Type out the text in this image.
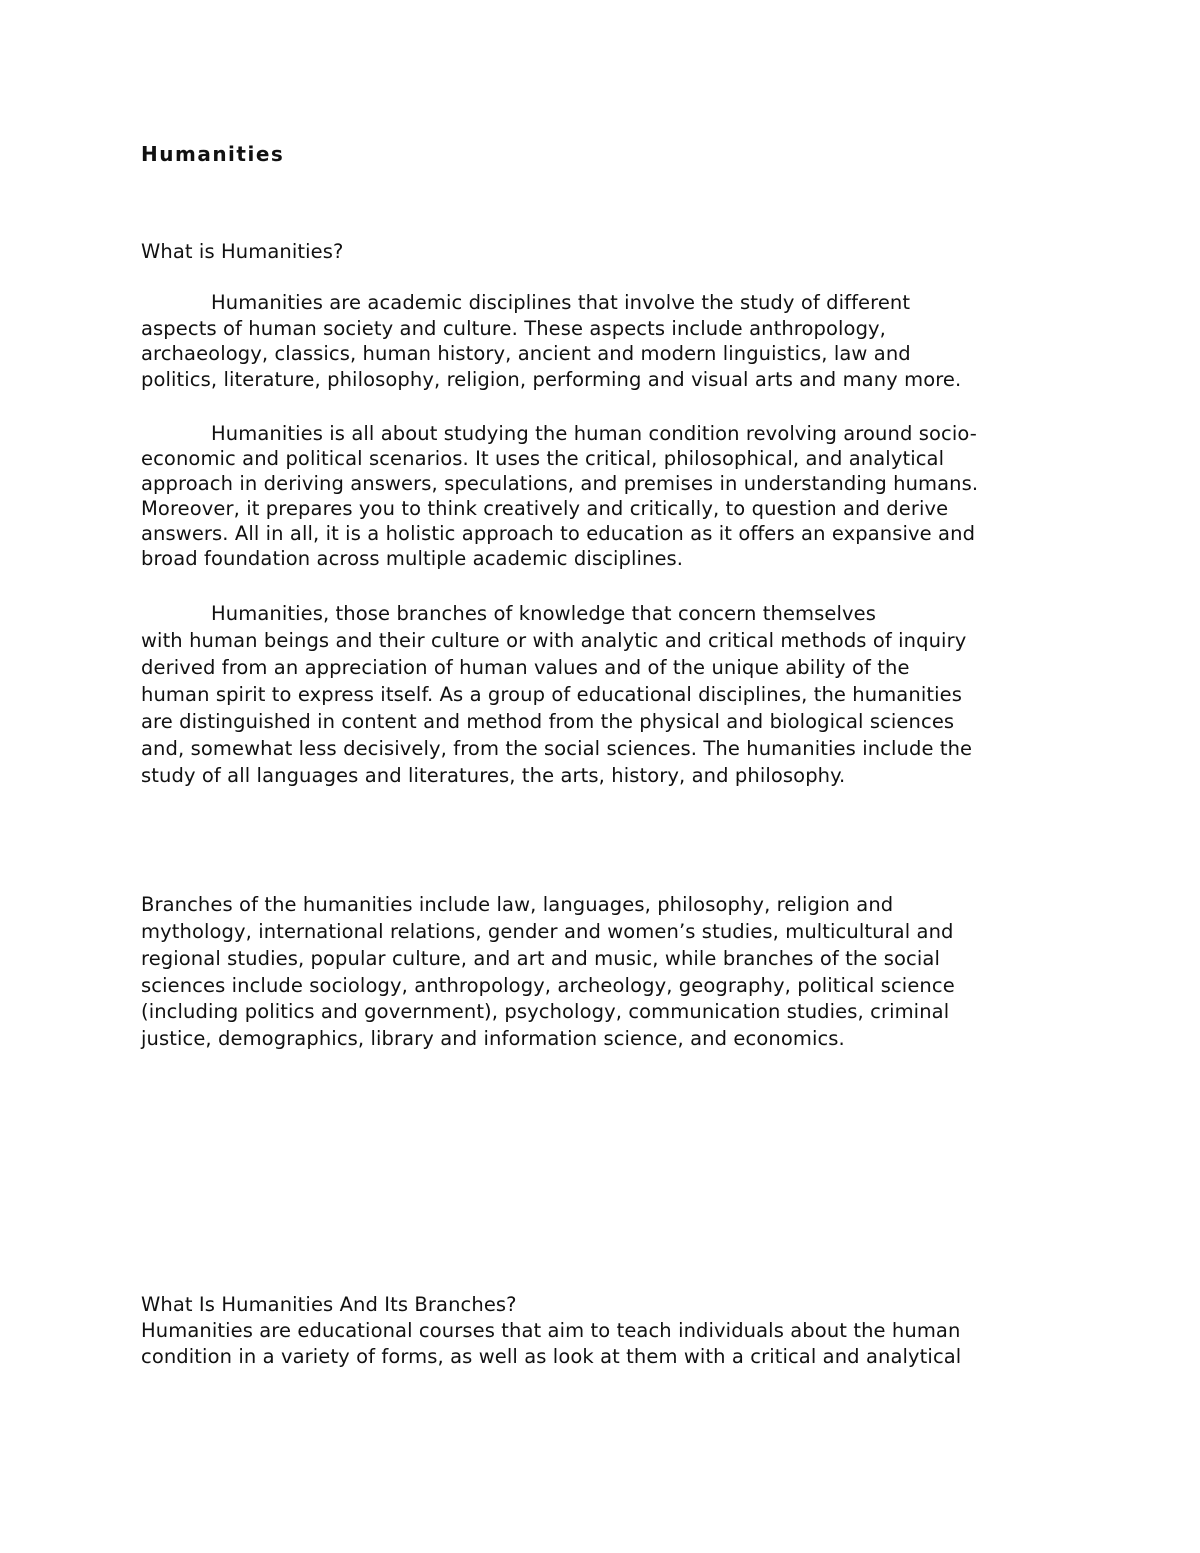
Humanities
What is Humanities?
Humanities are academic disciplines that involve the study of different
aspects of human society and culture. These aspects include anthropology,
archaeology, classics, human history, ancient and modern linguistics, law and
politics, literature, philosophy, religion, performing and visual arts and many more.
Humanities is all about studying the human condition revolving around socio-
economic and political scenarios. It uses the critical, philosophical, and analytical
approach in deriving answers, speculations, and premises in understanding humans.
Moreover, it prepares you to think creatively and critically, to question and derive
answers. All in all, it is a holistic approach to education as it offers an expansive and
broad foundation across multiple academic disciplines.
Humanities, those branches of knowledge that concern themselves
with human beings and their culture or with analytic and critical methods of inquiry
derived from an appreciation of human values and of the unique ability of the
human spirit to express itself. As a group of educational disciplines, the humanities
are distinguished in content and method from the physical and biological sciences
and, somewhat less decisively, from the social sciences. The humanities include the
study of all languages and literatures, the arts, history, and philosophy.
Branches of the humanities include law, languages, philosophy, religion and
mythology, international relations, gender and women’s studies, multicultural and
regional studies, popular culture, and art and music, while branches of the social
sciences include sociology, anthropology, archeology, geography, political science
(including politics and government), psychology, communication studies, criminal
justice, demographics, library and information science, and economics.
What Is Humanities And Its Branches?
Humanities are educational courses that aim to teach individuals about the human
condition in a variety of forms, as well as look at them with a critical and analytical
